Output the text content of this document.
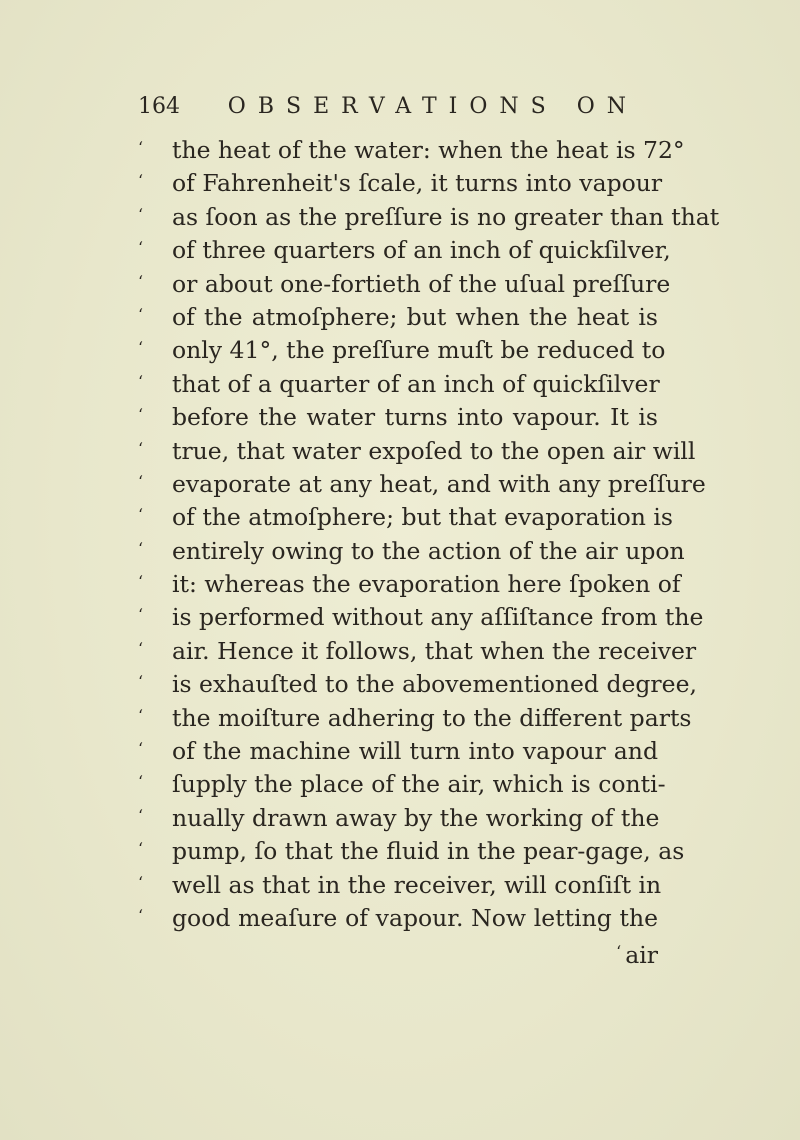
164	OBSERVATIONS ON
‘ the heat of the water: when the heat is 72°
‘ of Fahrenheit's ſcale, it turns into vapour
‘ as ſoon as the preſſure is no greater than that
‘ of three quarters of an inch of quickſilver,
‘ or about one-fortieth of the uſual preſſure
‘ of the atmoſphere; but when the heat is
‘ only 41°, the preſſure muſt be reduced to
‘ that of a quarter of an inch of quickſilver
‘ before the water turns into vapour. It is
‘ true, that water expoſed to the open air will
‘ evaporate at any heat, and with any preſſure
‘ of the atmoſphere; but that evaporation is
‘ entirely owing to the action of the air upon
‘ it: whereas the evaporation here ſpoken of
‘ is performed without any aſſiſtance from the
‘ air. Hence it follows, that when the receiver
‘ is exhauſted to the abovementioned degree,
‘ the moiſture adhering to the different parts
‘ of the machine will turn into vapour and
‘ ſupply the place of the air, which is conti-
‘ nually drawn away by the working of the
‘ pump, ſo that the fluid in the pear-gage, as
‘ well as that in the receiver, will conſiſt in
‘ good meaſure of vapour. Now letting the
‘ air
